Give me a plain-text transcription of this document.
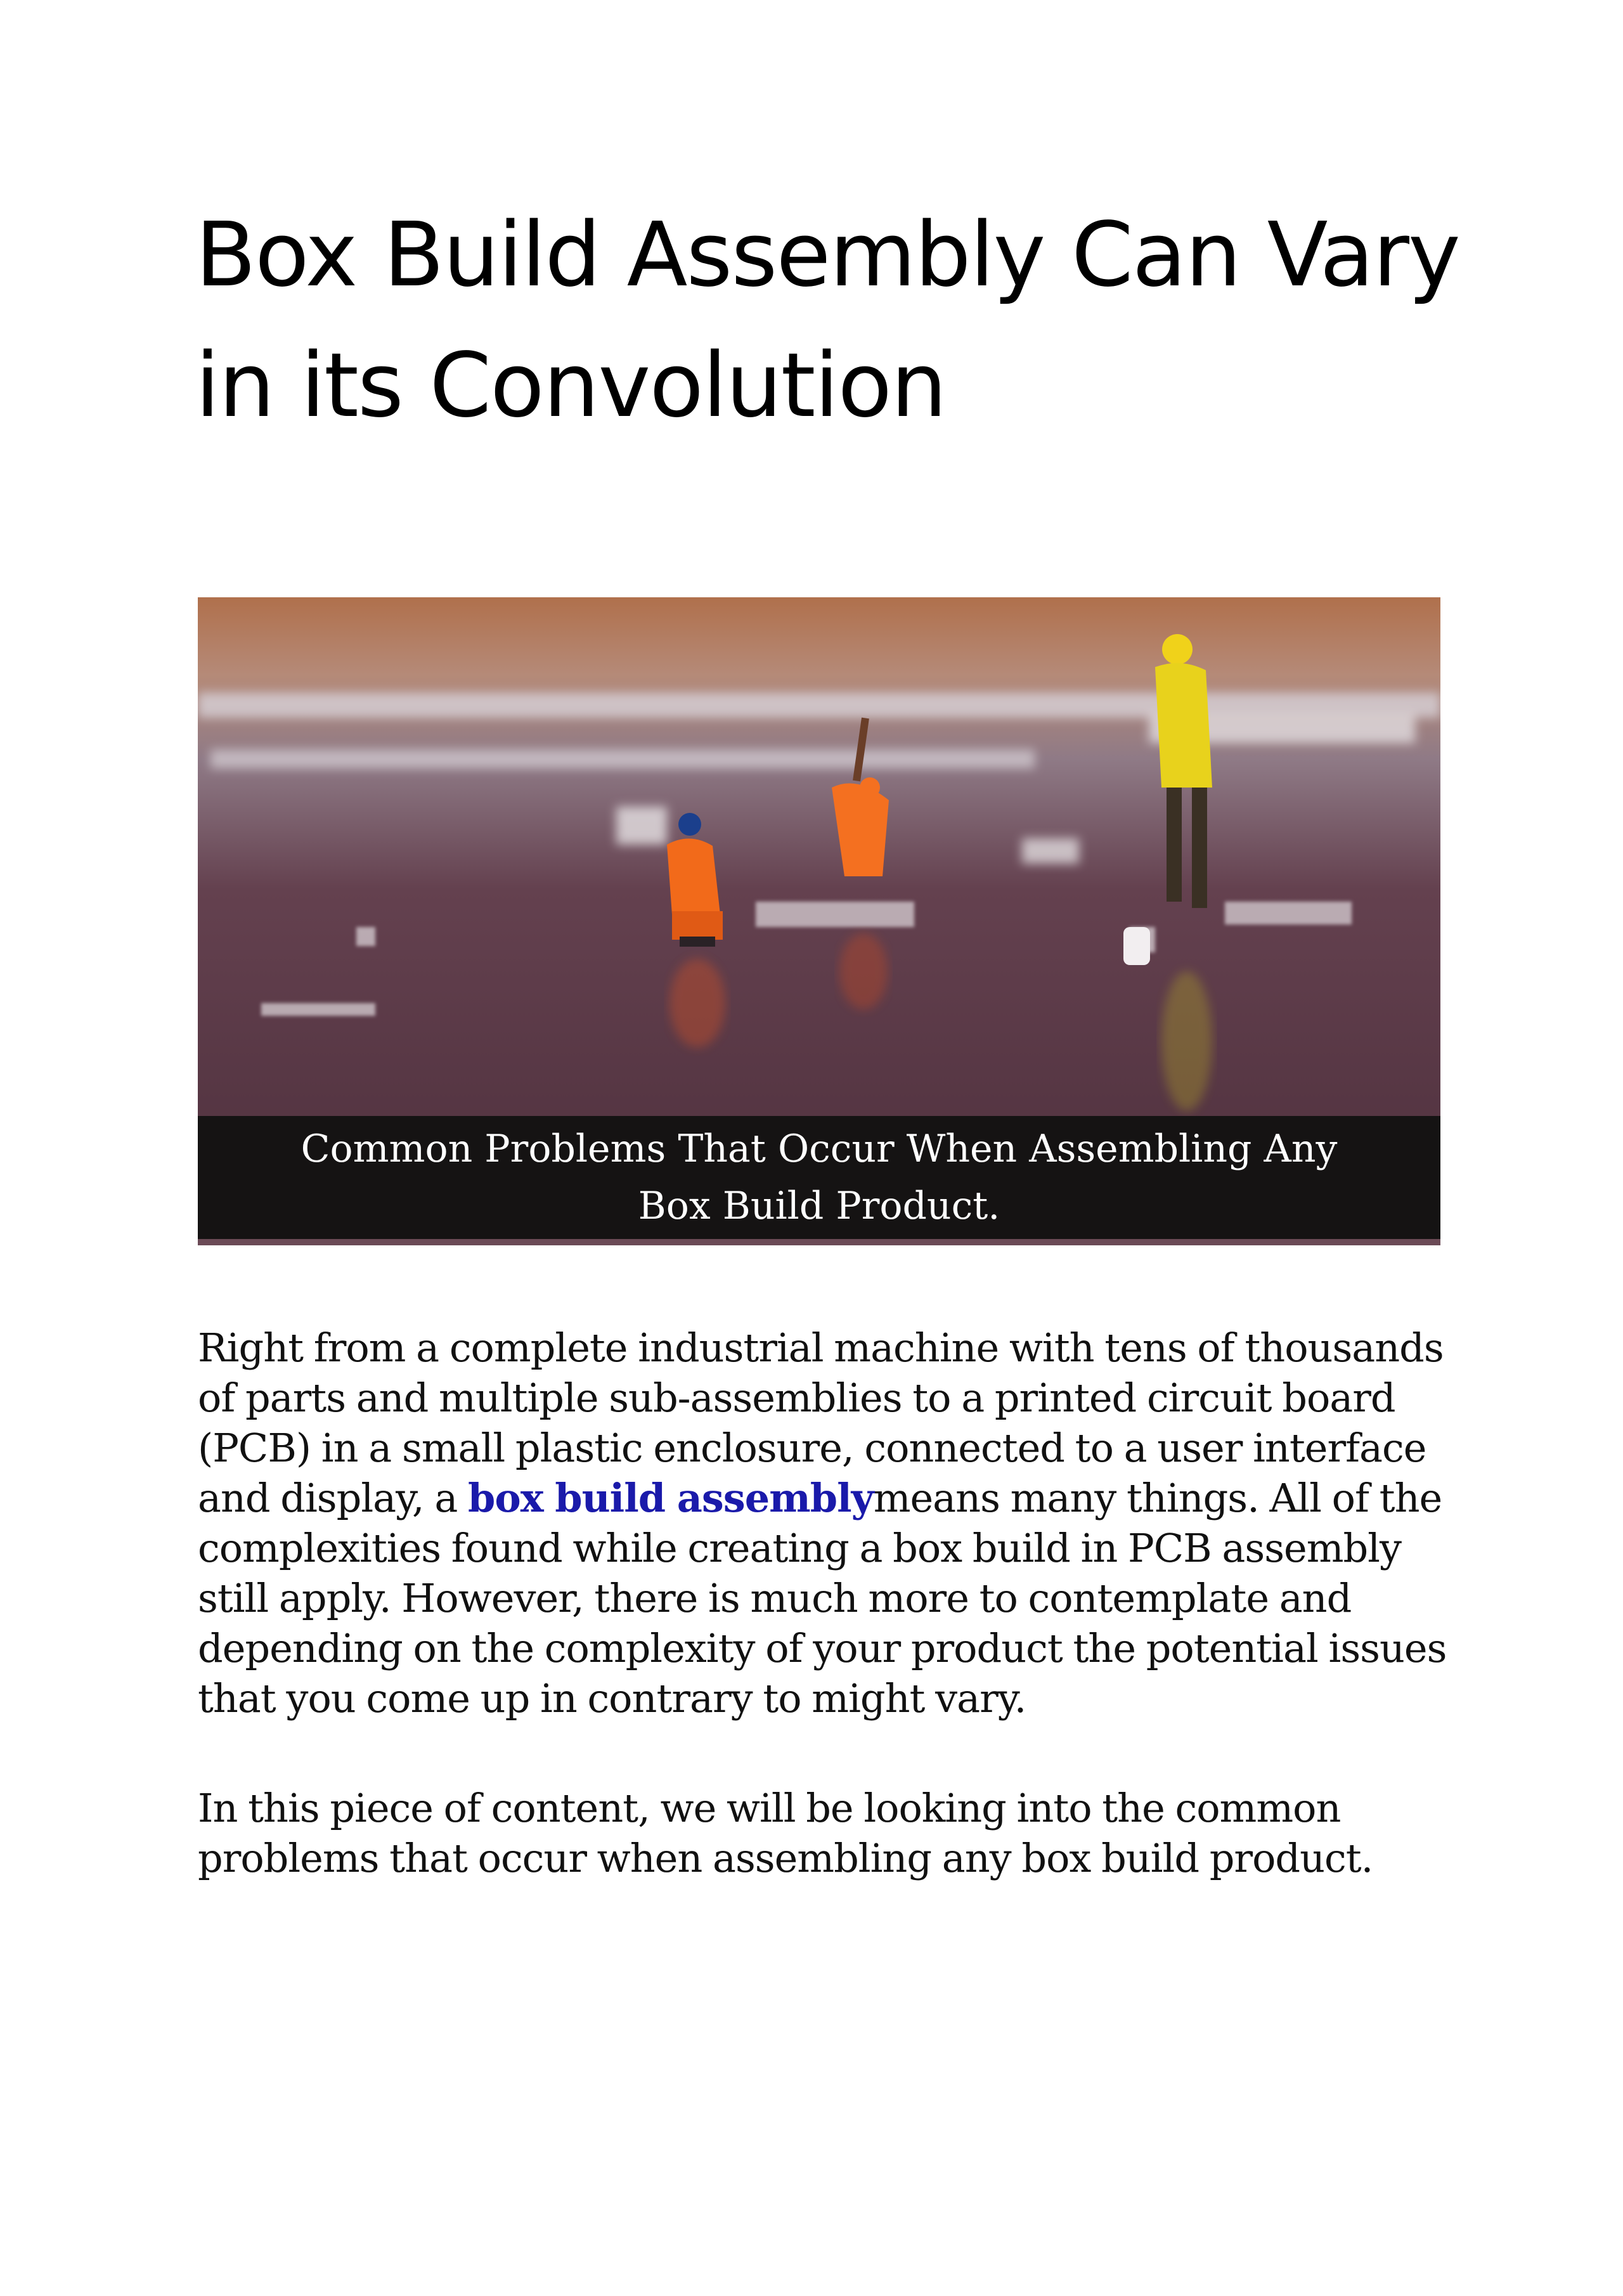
Box Build Assembly Can Vary
in its Convolution

Common Problems That Occur When Assembling Any
Box Build Product.

Right from a complete industrial machine with tens of thousands of parts and multiple sub-assemblies to a printed circuit board (PCB) in a small plastic enclosure, connected to a user interface and display, a box build assemblymeans many things. All of the complexities found while creating a box build in PCB assembly still apply. However, there is much more to contemplate and depending on the complexity of your product the potential issues that you come up in contrary to might vary.

In this piece of content, we will be looking into the common problems that occur when assembling any box build product.
